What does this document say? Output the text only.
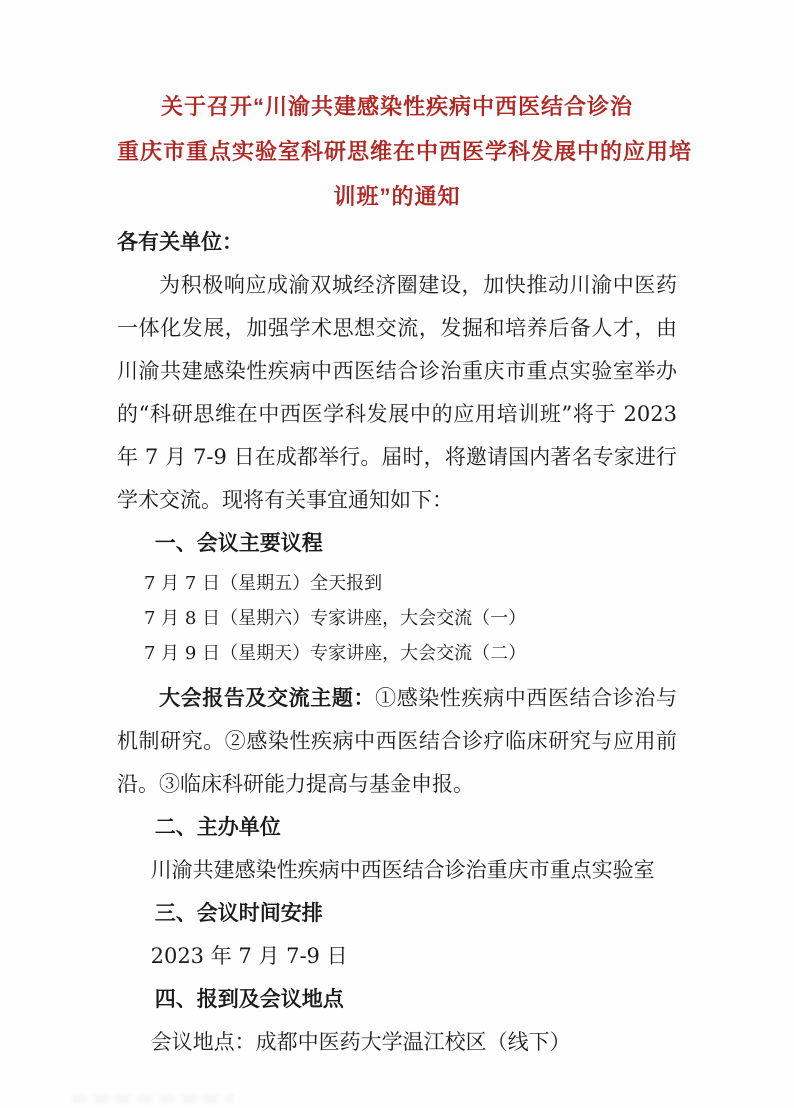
关于召开“川渝共建感染性疾病中西医结合诊治
重庆市重点实验室科研思维在中西医学科发展中的应用培
训班”的通知
各有关单位：

为积极响应成渝双城经济圈建设，加快推动川渝中医药一体化发展，加强学术思想交流，发掘和培养后备人才，由川渝共建感染性疾病中西医结合诊治重庆市重点实验室举办的“科研思维在中西医学科发展中的应用培训班”将于 2023 年 7 月 7-9 日在成都举行。届时，将邀请国内著名专家进行学术交流。现将有关事宜通知如下：

一、会议主要议程
7 月 7 日（星期五）全天报到
7 月 8 日（星期六）专家讲座，大会交流（一）
7 月 9 日（星期天）专家讲座，大会交流（二）

大会报告及交流主题：①感染性疾病中西医结合诊治与机制研究。②感染性疾病中西医结合诊疗临床研究与应用前沿。③临床科研能力提高与基金申报。

二、主办单位
川渝共建感染性疾病中西医结合诊治重庆市重点实验室
三、会议时间安排
2023 年 7 月 7-9 日
四、报到及会议地点
会议地点：成都中医药大学温江校区（线下）
